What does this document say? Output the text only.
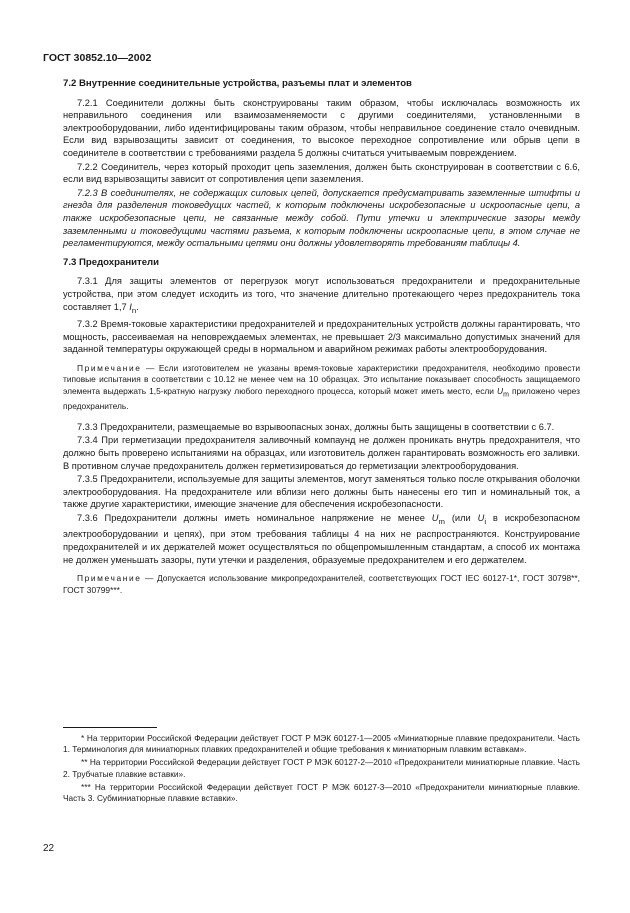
ГОСТ 30852.10—2002
7.2 Внутренние соединительные устройства, разъемы плат и элементов
7.2.1 Соединители должны быть сконструированы таким образом, чтобы исключалась возможность их неправильного соединения или взаимозаменяемости с другими соединителями, установленными в электрооборудовании, либо идентифицированы таким образом, чтобы неправильное соединение стало очевидным. Если вид взрывозащиты зависит от соединения, то высокое переходное сопротивление или обрыв цепи в соединителе в соответствии с требованиями раздела 5 должны считаться учитываемым повреждением.
7.2.2 Соединитель, через который проходит цепь заземления, должен быть сконструирован в соответствии с 6.6, если вид взрывозащиты зависит от сопротивления цепи заземления.
7.2.3 В соединителях, не содержащих силовых цепей, допускается предусматривать заземленные штифты и гнезда для разделения токоведущих частей, к которым подключены искробезопасные и искроопасные цепи, а также искробезопасные цепи, не связанные между собой. Пути утечки и электрические зазоры между заземленными и токоведущими частями разъема, к которым подключены искроопасные цепи, в этом случае не регламентируются, между остальными цепями они должны удовлетворять требованиям таблицы 4.
7.3 Предохранители
7.3.1 Для защиты элементов от перегрузок могут использоваться предохранители и предохранительные устройства, при этом следует исходить из того, что значение длительно протекающего через предохранитель тока составляет 1,7 $I_n$.
7.3.2 Время-токовые характеристики предохранителей и предохранительных устройств должны гарантировать, что мощность, рассеиваемая на неповреждаемых элементах, не превышает 2/3 максимально допустимых значений для заданной температуры окружающей среды в нормальном и аварийном режимах работы электрооборудования.
Примечание — Если изготовителем не указаны время-токовые характеристики предохранителя, необходимо провести типовые испытания в соответствии с 10.12 не менее чем на 10 образцах. Это испытание показывает способность защищаемого элемента выдержать 1,5-кратную нагрузку любого переходного процесса, который может иметь место, если $U_m$ приложено через предохранитель.
7.3.3 Предохранители, размещаемые во взрывоопасных зонах, должны быть защищены в соответствии с 6.7.
7.3.4 При герметизации предохранителя заливочный компаунд не должен проникать внутрь предохранителя, что должно быть проверено испытаниями на образцах, или изготовитель должен гарантировать возможность его заливки. В противном случае предохранитель должен герметизироваться до герметизации электрооборудования.
7.3.5 Предохранители, используемые для защиты элементов, могут заменяться только после открывания оболочки электрооборудования. На предохранителе или вблизи него должны быть нанесены его тип и номинальный ток, а также другие характеристики, имеющие значение для обеспечения искробезопасности.
7.3.6 Предохранители должны иметь номинальное напряжение не менее $U_m$ (или $U_i$ в искробезопасном электрооборудовании и цепях), при этом требования таблицы 4 на них не распространяются. Конструирование предохранителей и их держателей может осуществляться по общепромышленным стандартам, а способ их монтажа не должен уменьшать зазоры, пути утечки и разделения, образуемые предохранителем и его держателем.
Примечание — Допускается использование микропредохранителей, соответствующих ГОСТ IEC 60127-1*, ГОСТ 30798**, ГОСТ 30799***.
* На территории Российской Федерации действует ГОСТ Р МЭК 60127-1—2005 «Миниатюрные плавкие предохранители. Часть 1. Терминология для миниатюрных плавких предохранителей и общие требования к миниатюрным плавким вставкам».
** На территории Российской Федерации действует ГОСТ Р МЭК 60127-2—2010 «Предохранители миниатюрные плавкие. Часть 2. Трубчатые плавкие вставки».
*** На территории Российской Федерации действует ГОСТ Р МЭК 60127-3—2010 «Предохранители миниатюрные плавкие. Часть 3. Субминиатюрные плавкие вставки».
22
